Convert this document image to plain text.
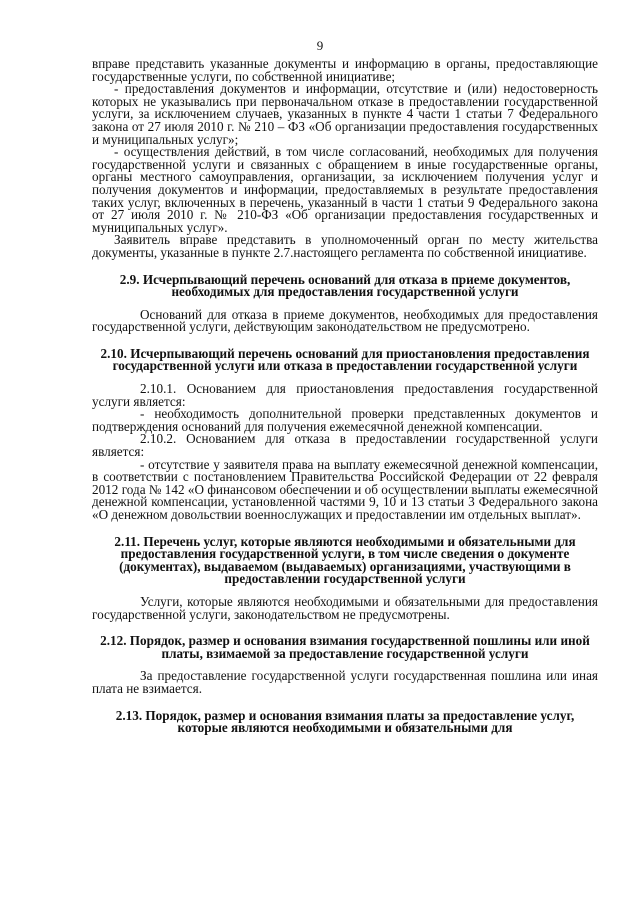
9

вправе представить указанные документы и информацию в органы, предоставляющие государственные услуги, по собственной инициативе;

- предоставления документов и информации, отсутствие и (или) недостоверность которых не указывались при первоначальном отказе в предоставлении государственной услуги, за исключением случаев, указанных в пункте 4 части 1 статьи 7 Федерального закона от 27 июля 2010 г. № 210 – ФЗ «Об организации предоставления государственных и муниципальных услуг»;

- осуществления действий, в том числе согласований, необходимых для получения государственной услуги и связанных с обращением в иные государственные органы, органы местного самоуправления, организации, за исключением получения услуг и получения документов и информации, предоставляемых в результате предоставления таких услуг, включенных в перечень, указанный в части 1 статьи 9 Федерального закона от 27 июля 2010 г. № 210-ФЗ «Об организации предоставления государственных и муниципальных услуг».

Заявитель вправе представить в уполномоченный орган по месту жительства документы, указанные в пункте 2.7.настоящего регламента по собственной инициативе.

2.9. Исчерпывающий перечень оснований для отказа в приеме документов, необходимых для предоставления государственной услуги

Оснований для отказа в приеме документов, необходимых для предоставления государственной услуги, действующим законодательством не предусмотрено.

2.10. Исчерпывающий перечень оснований для приостановления предоставления государственной услуги или отказа в предоставлении государственной услуги

2.10.1. Основанием для приостановления предоставления государственной услуги является:

- необходимость дополнительной проверки представленных документов и подтверждения оснований для получения ежемесячной денежной компенсации.

2.10.2. Основанием для отказа в предоставлении государственной услуги является:

- отсутствие у заявителя права на выплату ежемесячной денежной компенсации, в соответствии с постановлением Правительства Российской Федерации от 22 февраля 2012 года № 142 «О финансовом обеспечении и об осуществлении выплаты ежемесячной денежной компенсации, установленной частями 9, 10 и 13 статьи 3 Федерального закона «О денежном довольствии военнослужащих и предоставлении им отдельных выплат».

2.11. Перечень услуг, которые являются необходимыми и обязательными для предоставления государственной услуги, в том числе сведения о документе (документах), выдаваемом (выдаваемых) организациями, участвующими в предоставлении государственной услуги

Услуги, которые являются необходимыми и обязательными для предоставления государственной услуги, законодательством не предусмотрены.

2.12. Порядок, размер и основания взимания государственной пошлины или иной платы, взимаемой за предоставление государственной услуги

За предоставление государственной услуги государственная пошлина или иная плата не взимается.

2.13. Порядок, размер и основания взимания платы за предоставление услуг, которые являются необходимыми и обязательными для
